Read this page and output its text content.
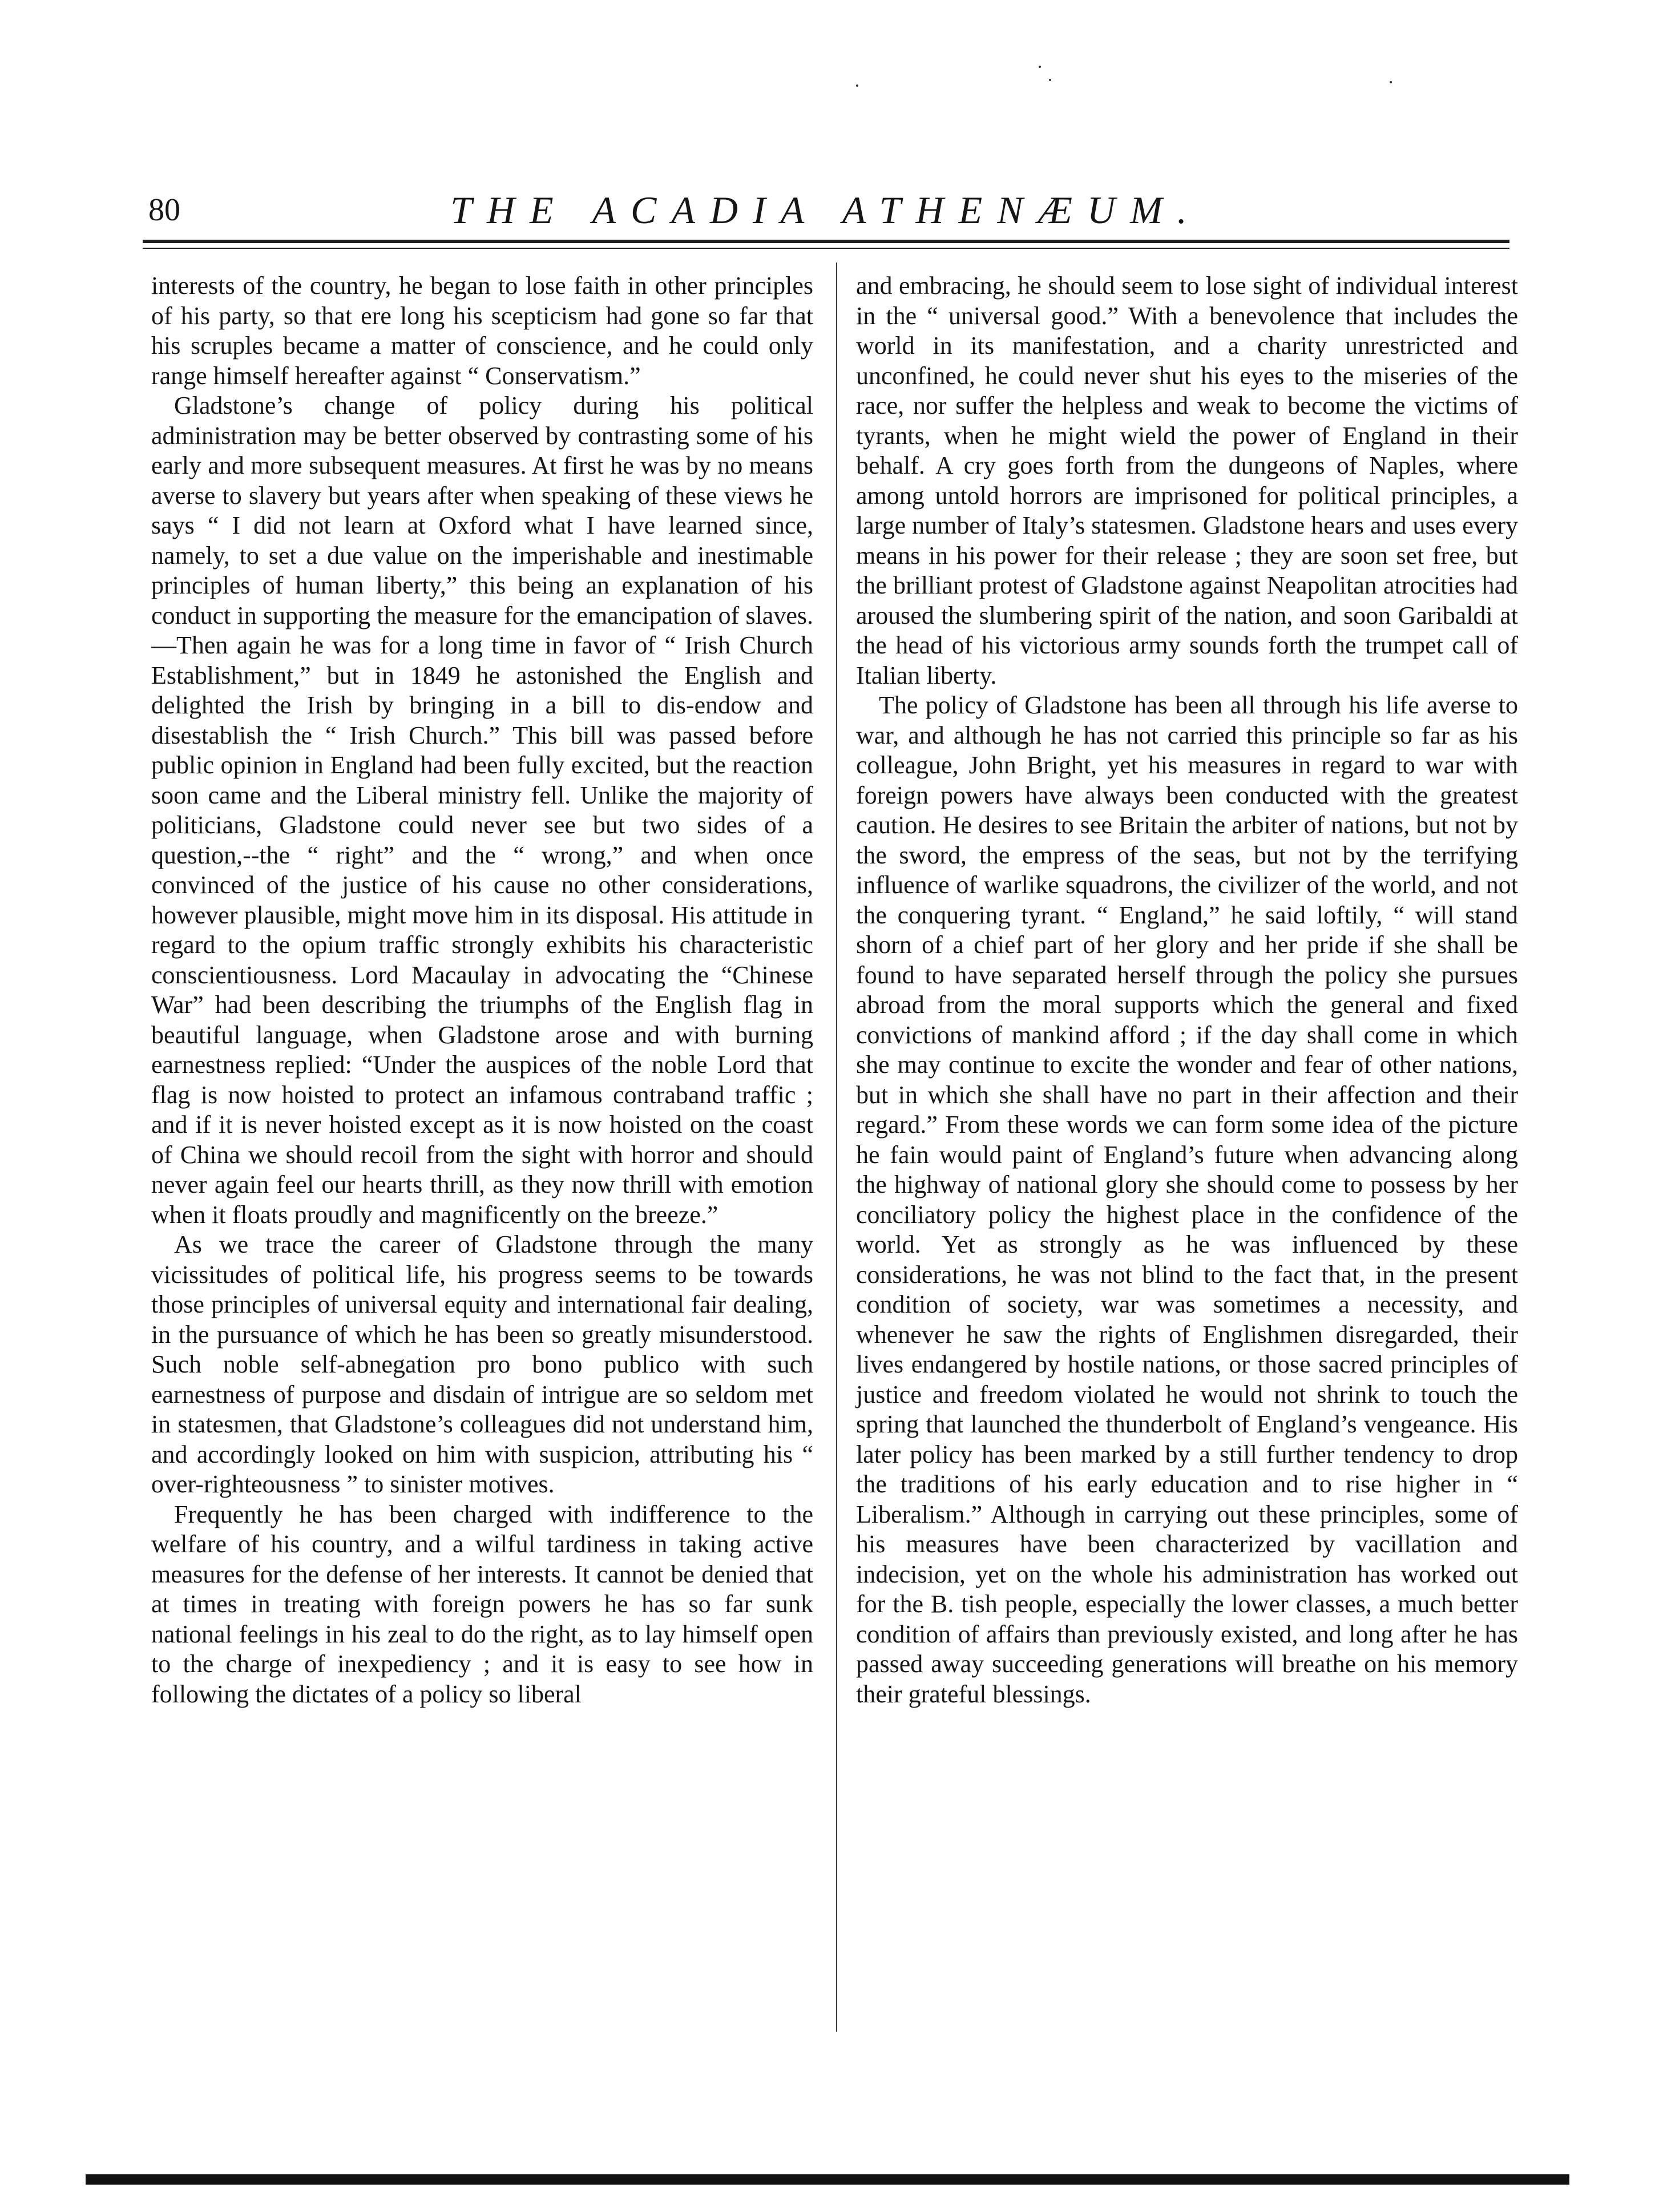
80	THE ACADIA ATHENÆUM.

interests of the country, he began to lose faith in other principles of his party, so that ere long his scepticism had gone so far that his scruples became a matter of conscience, and he could only range himself hereafter against “ Conservatism.”

Gladstone’s change of policy during his political administration may be better observed by contrasting some of his early and more subsequent measures. At first he was by no means averse to slavery but years after when speaking of these views he says “ I did not learn at Oxford what I have learned since, namely, to set a due value on the imperishable and inestimable principles of human liberty,” this being an explanation of his conduct in supporting the measure for the emancipation of slaves.—Then again he was for a long time in favor of “ Irish Church Establishment,” but in 1849 he astonished the English and delighted the Irish by bringing in a bill to dis-endow and disestablish the “ Irish Church.” This bill was passed before public opinion in England had been fully excited, but the reaction soon came and the Liberal ministry fell. Unlike the majority of politicians, Gladstone could never see but two sides of a question,--the “ right” and the “ wrong,” and when once convinced of the justice of his cause no other considerations, however plausible, might move him in its disposal. His attitude in regard to the opium traffic strongly exhibits his characteristic conscientiousness. Lord Macaulay in advocating the “Chinese War” had been describing the triumphs of the English flag in beautiful language, when Gladstone arose and with burning earnestness replied: “Under the auspices of the noble Lord that flag is now hoisted to protect an infamous contraband traffic ; and if it is never hoisted except as it is now hoisted on the coast of China we should recoil from the sight with horror and should never again feel our hearts thrill, as they now thrill with emotion when it floats proudly and magnificently on the breeze.”

As we trace the career of Gladstone through the many vicissitudes of political life, his progress seems to be towards those principles of universal equity and international fair dealing, in the pursuance of which he has been so greatly misunderstood. Such noble self-abnegation pro bono publico with such earnestness of purpose and disdain of intrigue are so seldom met in statesmen, that Gladstone’s colleagues did not understand him, and accordingly looked on him with suspicion, attributing his “ over-righteousness ” to sinister motives.

Frequently he has been charged with indifference to the welfare of his country, and a wilful tardiness in taking active measures for the defense of her interests. It cannot be denied that at times in treating with foreign powers he has so far sunk national feelings in his zeal to do the right, as to lay himself open to the charge of inexpediency ; and it is easy to see how in following the dictates of a policy so liberal

and embracing, he should seem to lose sight of individual interest in the “ universal good.” With a benevolence that includes the world in its manifestation, and a charity unrestricted and unconfined, he could never shut his eyes to the miseries of the race, nor suffer the helpless and weak to become the victims of tyrants, when he might wield the power of England in their behalf. A cry goes forth from the dungeons of Naples, where among untold horrors are imprisoned for political principles, a large number of Italy’s statesmen. Gladstone hears and uses every means in his power for their release ; they are soon set free, but the brilliant protest of Gladstone against Neapolitan atrocities had aroused the slumbering spirit of the nation, and soon Garibaldi at the head of his victorious army sounds forth the trumpet call of Italian liberty.

The policy of Gladstone has been all through his life averse to war, and although he has not carried this principle so far as his colleague, John Bright, yet his measures in regard to war with foreign powers have always been conducted with the greatest caution. He desires to see Britain the arbiter of nations, but not by the sword, the empress of the seas, but not by the terrifying influence of warlike squadrons, the civilizer of the world, and not the conquering tyrant. “ England,” he said loftily, “ will stand shorn of a chief part of her glory and her pride if she shall be found to have separated herself through the policy she pursues abroad from the moral supports which the general and fixed convictions of mankind afford ; if the day shall come in which she may continue to excite the wonder and fear of other nations, but in which she shall have no part in their affection and their regard.” From these words we can form some idea of the picture he fain would paint of England’s future when advancing along the highway of national glory she should come to possess by her conciliatory policy the highest place in the confidence of the world. Yet as strongly as he was influenced by these considerations, he was not blind to the fact that, in the present condition of society, war was sometimes a necessity, and whenever he saw the rights of Englishmen disregarded, their lives endangered by hostile nations, or those sacred principles of justice and freedom violated he would not shrink to touch the spring that launched the thunderbolt of England’s vengeance. His later policy has been marked by a still further tendency to drop the traditions of his early education and to rise higher in “ Liberalism.” Although in carrying out these principles, some of his measures have been characterized by vacillation and indecision, yet on the whole his administration has worked out for the B. tish people, especially the lower classes, a much better condition of affairs than previously existed, and long after he has passed away succeeding generations will breathe on his memory their grateful blessings.
